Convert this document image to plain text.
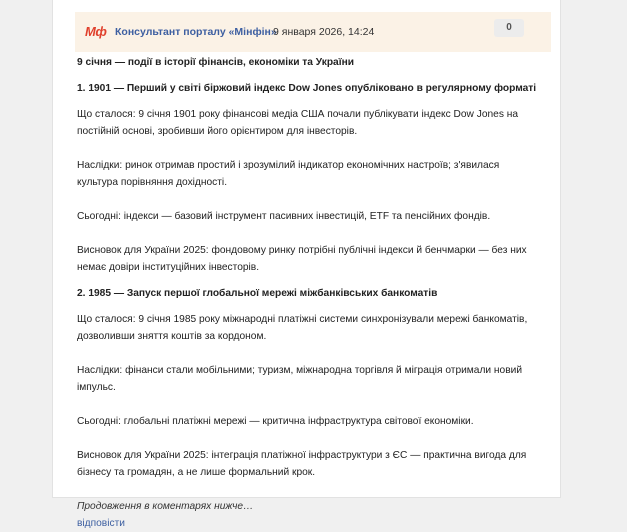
Мф Консультант порталу «Мінфін»
9 января 2026, 14:24	0

9 січня — події в історії фінансів, економіки та України

1. 1901 — Перший у світі біржовий індекс Dow Jones опубліковано в регулярному форматі

Що сталося: 9 січня 1901 року фінансові медіа США почали публікувати індекс Dow Jones на постійній основі, зробивши його орієнтиром для інвесторів.

Наслідки: ринок отримав простий і зрозумілий індикатор економічних настроїв; з'явилася культура порівняння дохідності.

Сьогодні: індекси — базовий інструмент пасивних інвестицій, ETF та пенсійних фондів.

Висновок для України 2025: фондовому ринку потрібні публічні індекси й бенчмарки — без них немає довіри інституційних інвесторів.

2. 1985 — Запуск першої глобальної мережі міжбанківських банкоматів

Що сталося: 9 січня 1985 року міжнародні платіжні системи синхронізували мережі банкоматів, дозволивши зняття коштів за кордоном.

Наслідки: фінанси стали мобільними; туризм, міжнародна торгівля й міграція отримали новий імпульс.

Сьогодні: глобальні платіжні мережі — критична інфраструктура світової економіки.

Висновок для України 2025: інтеграція платіжної інфраструктури з ЄС — практична вигода для бізнесу та громадян, а не лише формальний крок.

Продовження в коментарях нижче…

відповісти
